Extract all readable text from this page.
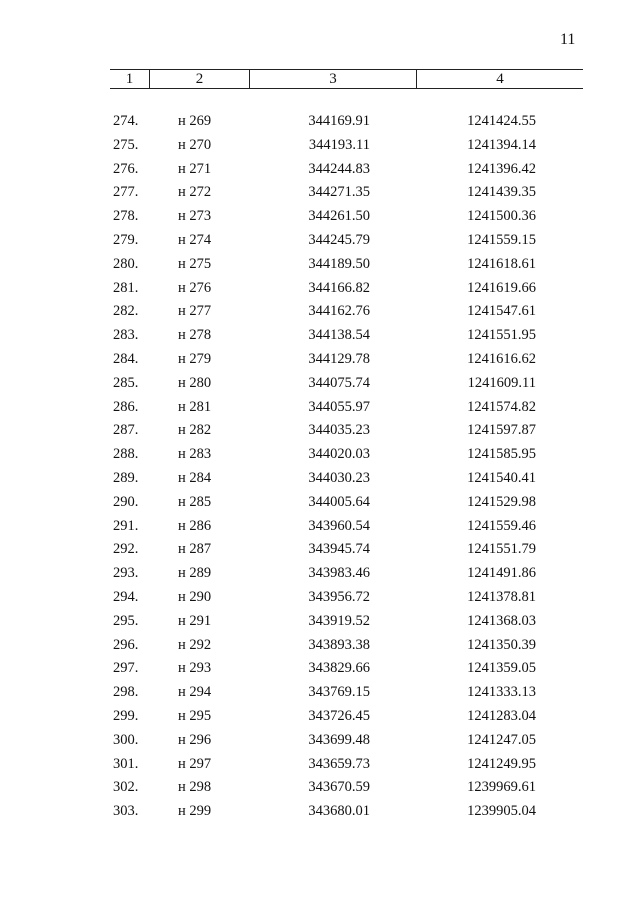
11
1	2	3	4
274.	н 269	344169.91	1241424.55
275.	н 270	344193.11	1241394.14
276.	н 271	344244.83	1241396.42
277.	н 272	344271.35	1241439.35
278.	н 273	344261.50	1241500.36
279.	н 274	344245.79	1241559.15
280.	н 275	344189.50	1241618.61
281.	н 276	344166.82	1241619.66
282.	н 277	344162.76	1241547.61
283.	н 278	344138.54	1241551.95
284.	н 279	344129.78	1241616.62
285.	н 280	344075.74	1241609.11
286.	н 281	344055.97	1241574.82
287.	н 282	344035.23	1241597.87
288.	н 283	344020.03	1241585.95
289.	н 284	344030.23	1241540.41
290.	н 285	344005.64	1241529.98
291.	н 286	343960.54	1241559.46
292.	н 287	343945.74	1241551.79
293.	н 289	343983.46	1241491.86
294.	н 290	343956.72	1241378.81
295.	н 291	343919.52	1241368.03
296.	н 292	343893.38	1241350.39
297.	н 293	343829.66	1241359.05
298.	н 294	343769.15	1241333.13
299.	н 295	343726.45	1241283.04
300.	н 296	343699.48	1241247.05
301.	н 297	343659.73	1241249.95
302.	н 298	343670.59	1239969.61
303.	н 299	343680.01	1239905.04
